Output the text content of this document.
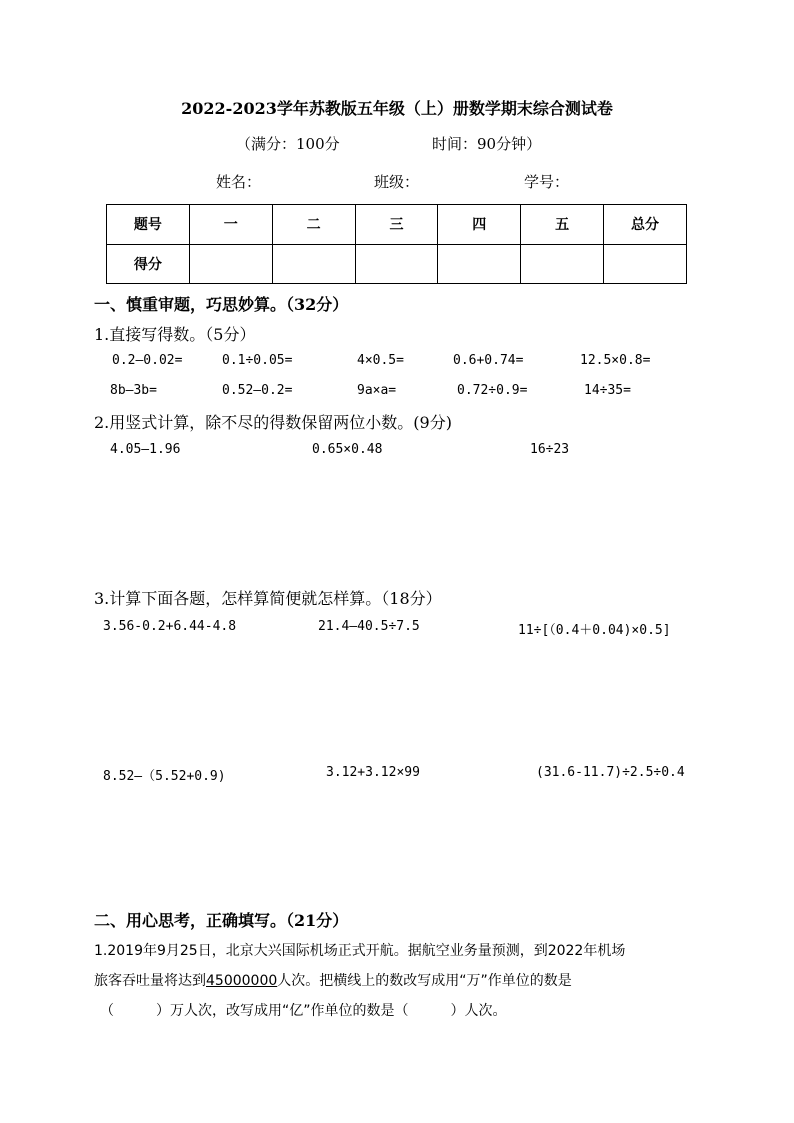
2022-2023学年苏教版五年级（上）册数学期末综合测试卷
（满分：100分	时间：90分钟）
姓名：	班级：	学号：
题号	一	二	三	四	五	总分
得分						
一、慎重审题，巧思妙算。（32分）
1.直接写得数。（5分）
0.2—0.02=	0.1÷0.05=	4×0.5=	0.6+0.74=	12.5×0.8=
8b—3b=	0.52—0.2=	9a×a=	0.72÷0.9=	14÷35=
2.用竖式计算，除不尽的得数保留两位小数。(9分)
4.05—1.96	0.65×0.48	16÷23
3.计算下面各题，怎样算简便就怎样算。（18分）
3.56-0.2+6.44-4.8	21.4—40.5÷7.5	11÷[（0.4＋0.04)×0.5]
8.52—（5.52+0.9)	3.12+3.12×99	(31.6-11.7)÷2.5÷0.4
二、用心思考，正确填写。（21分）
1.2019年9月25日，北京大兴国际机场正式开航。据航空业务量预测，到2022年机场
旅客吞吐量将达到45000000人次。把横线上的数改写成用“万”作单位的数是
（　　　）万人次，改写成用“亿”作单位的数是（　　　）人次。
